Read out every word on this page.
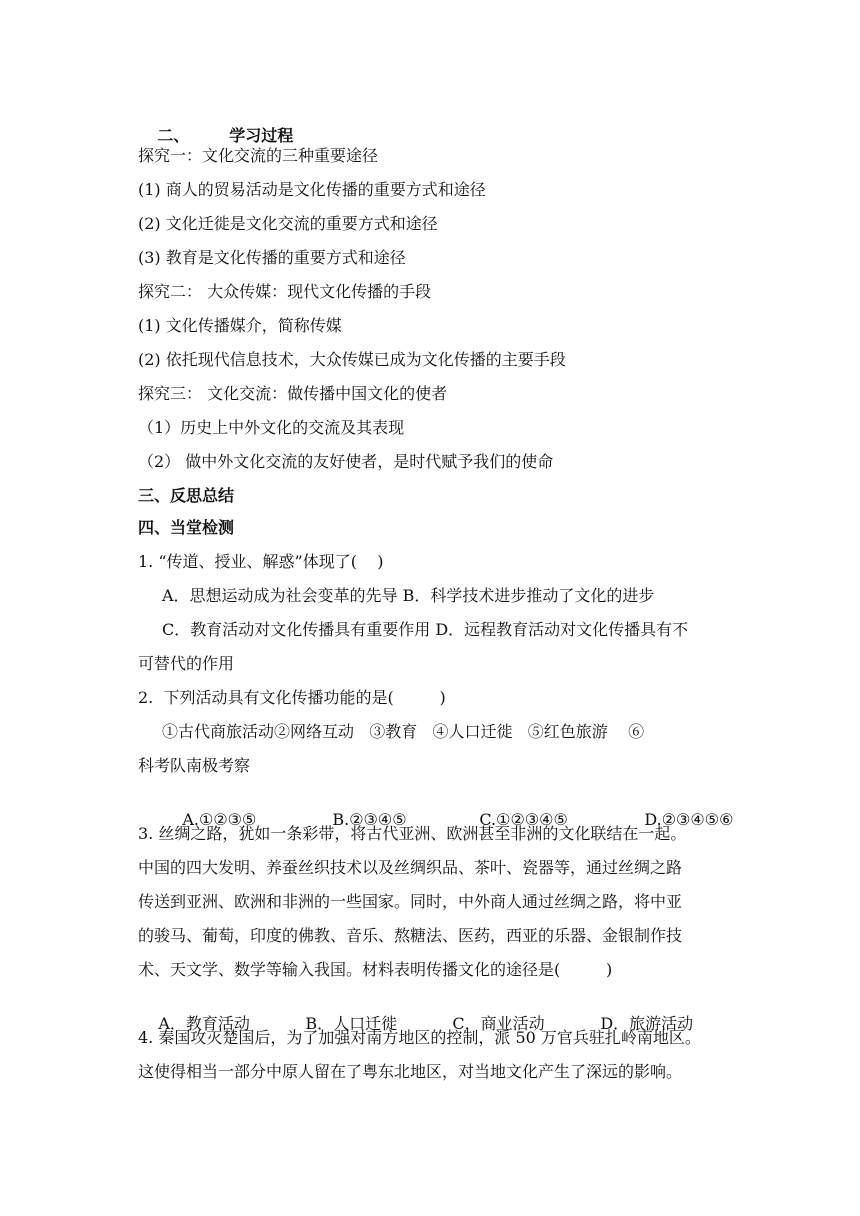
二、	学习过程

探究一：文化交流的三种重要途径
(1) 商人的贸易活动是文化传播的重要方式和途径
(2) 文化迁徙是文化交流的重要方式和途径
(3) 教育是文化传播的重要方式和途径
探究二： 大众传媒：现代文化传播的手段
(1) 文化传播媒介，简称传媒
(2) 依托现代信息技术，大众传媒已成为文化传播的主要手段
探究三： 文化交流：做传播中国文化的使者
（1）历史上中外文化的交流及其表现
（2） 做中外文化交流的友好使者，是时代赋予我们的使命
三、反思总结
四、当堂检测
1. “传道、授业、解惑”体现了(    )
A．思想运动成为社会变革的先导 B．科学技术进步推动了文化的进步
C．教育活动对文化传播具有重要作用 D．远程教育活动对文化传播具有不
可替代的作用
2.  下列活动具有文化传播功能的是(         )
①古代商旅活动②网络互动   ③教育   ④人口迁徙   ⑤红色旅游    ⑥
科考队南极考察

A.①②③⑤	B.②③④⑤	C.①②③④⑤	D.②③④⑤⑥

3. 丝绸之路，犹如一条彩带，将古代亚洲、欧洲甚至非洲的文化联结在一起。
中国的四大发明、养蚕丝织技术以及丝绸织品、茶叶、瓷器等，通过丝绸之路
传送到亚洲、欧洲和非洲的一些国家。同时，中外商人通过丝绸之路，将中亚
的骏马、葡萄，印度的佛教、音乐、熬糖法、医药，西亚的乐器、金银制作技
术、天文学、数学等输入我国。材料表明传播文化的途径是(         )

A．教育活动	B．人口迁徙	C．商业活动	D．旅游活动

4. 秦国攻灭楚国后，为了加强对南方地区的控制，派 50 万官兵驻扎岭南地区。
这使得相当一部分中原人留在了粤东北地区，对当地文化产生了深远的影响。
